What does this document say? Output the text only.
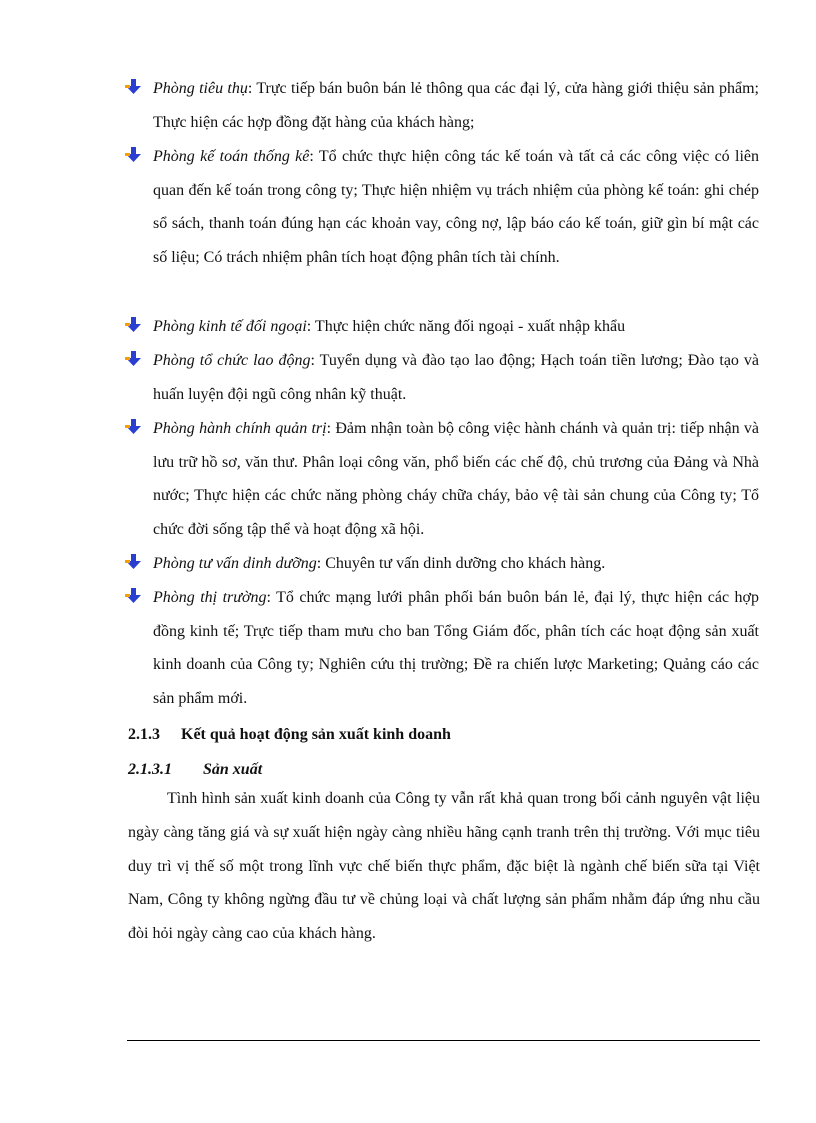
Phòng tiêu thụ: Trực tiếp bán buôn bán lẻ thông qua các đại lý, cửa hàng giới thiệu sản phẩm; Thực hiện các hợp đồng đặt hàng của khách hàng;
Phòng kế toán thống kê: Tổ chức thực hiện công tác kế toán và tất cả các công việc có liên quan đến kế toán trong công ty; Thực hiện nhiệm vụ trách nhiệm của phòng kế toán: ghi chép sổ sách, thanh toán đúng hạn các khoản vay, công nợ, lập báo cáo kế toán, giữ gìn bí mật các số liệu; Có trách nhiệm phân tích hoạt động phân tích tài chính.
Phòng kinh tế đối ngoại: Thực hiện chức năng đối ngoại - xuất nhập khẩu
Phòng tổ chức lao động: Tuyển dụng và đào tạo lao động; Hạch toán tiền lương; Đào tạo và huấn luyện đội ngũ công nhân kỹ thuật.
Phòng hành chính quản trị: Đảm nhận toàn bộ công việc hành chánh và quản trị: tiếp nhận và lưu trữ hồ sơ, văn thư. Phân loại công văn, phổ biến các chế độ, chủ trương của Đảng và Nhà nước; Thực hiện các chức năng phòng cháy chữa cháy, bảo vệ tài sản chung của Công ty; Tổ chức đời sống tập thể và hoạt động xã hội.
Phòng tư vấn dinh dưỡng: Chuyên tư vấn dinh dưỡng cho khách hàng.
Phòng thị trường: Tổ chức mạng lưới phân phối bán buôn bán lẻ, đại lý, thực hiện các hợp đồng kinh tế; Trực tiếp tham mưu cho ban Tổng Giám đốc, phân tích các hoạt động sản xuất kinh doanh của Công ty; Nghiên cứu thị trường; Đề ra chiến lược Marketing; Quảng cáo các sản phẩm mới.
2.1.3 Kết quả hoạt động sản xuất kinh doanh
2.1.3.1 Sản xuất

Tình hình sản xuất kinh doanh của Công ty vẫn rất khả quan trong bối cảnh nguyên vật liệu ngày càng tăng giá và sự xuất hiện ngày càng nhiều hãng cạnh tranh trên thị trường. Với mục tiêu duy trì vị thế số một trong lĩnh vực chế biến thực phẩm, đặc biệt là ngành chế biến sữa tại Việt Nam, Công ty không ngừng đầu tư về chủng loại và chất lượng sản phẩm nhằm đáp ứng nhu cầu đòi hỏi ngày càng cao của khách hàng.
